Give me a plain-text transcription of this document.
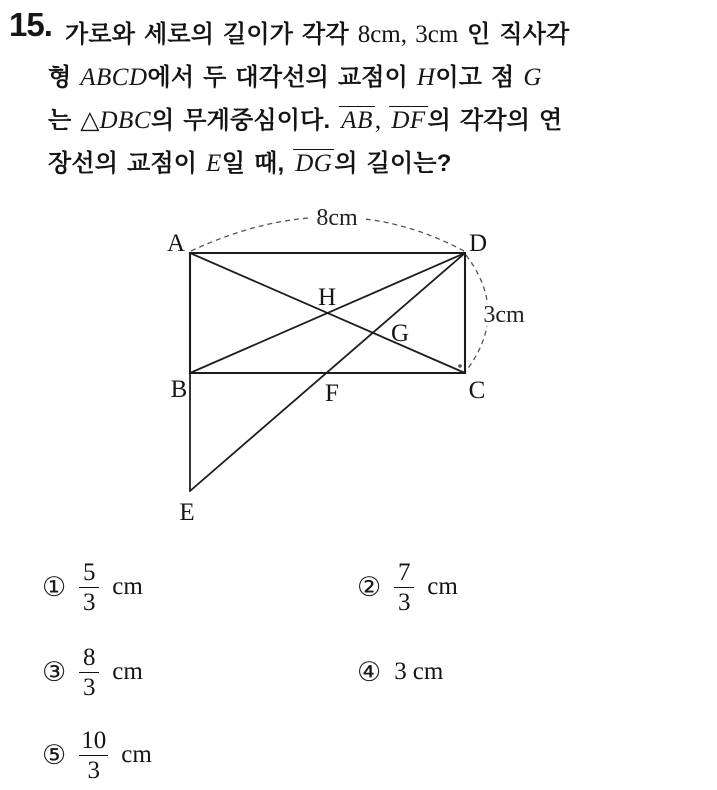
15. 가로와 세로의 길이가 각각 8cm, 3cm 인 직사각
형 ABCD에서 두 대각선의 교점이 H이고 점 G
는 △DBC의 무게중심이다. AB, DF의 각각의 연
장선의 교점이 E일 때, DG의 길이는?
8cm
3cm
A	D
B	C
H
G
F
E
① $\frac{5}{3}$ cm	② $\frac{7}{3}$ cm
③ $\frac{8}{3}$ cm	④ 3 cm
⑤ $\frac{10}{3}$ cm
